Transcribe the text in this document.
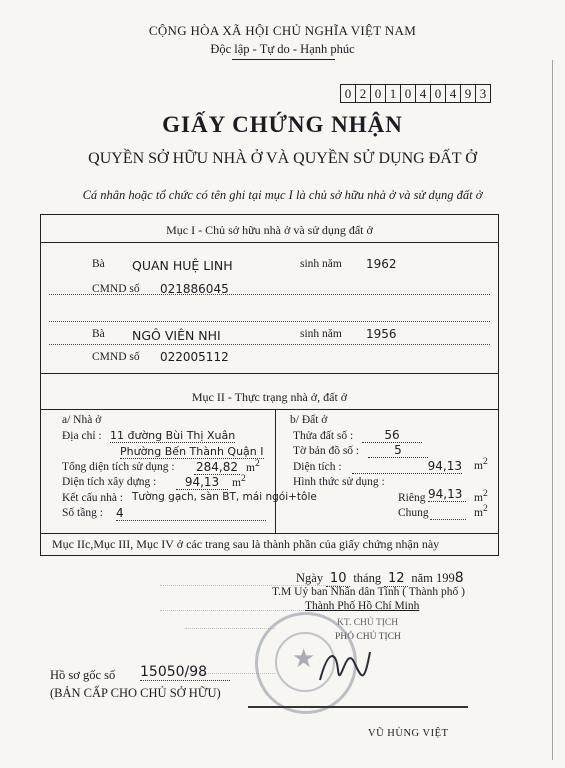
CỘNG HÒA XÃ HỘI CHỦ NGHĨA VIỆT NAM
Độc lập - Tự do - Hạnh phúc
0 2 0 1 0 4 0 4 9 3
GIẤY CHỨNG NHẬN
QUYỀN SỞ HỮU NHÀ Ở VÀ QUYỀN SỬ DỤNG ĐẤT Ở
Cá nhân hoặc tổ chức có tên ghi tại mục I là chủ sở hữu nhà ở và sử dụng đất ở
Mục I - Chủ sở hữu nhà ở và sử dụng đất ở
Bà QUAN HUỆ LINH	sinh năm 1962
CMND số 021886045
Bà NGÔ VIÊN NHI	sinh năm 1956
CMND số 022005112
Mục II - Thực trạng nhà ở, đất ở
a/ Nhà ở
Địa chỉ : 11 đường Bùi Thị Xuân
Phường Bến Thành Quận I
Tổng diện tích sử dụng : 284,82 $m^2$
Diện tích xây dựng :	94,13	$m^2$
Kết cấu nhà : Tường gạch, sàn BT, mái ngói+tôle
Số tầng : 4
b/ Đất ở
Thửa đất số :	56
Tờ bản đồ số :	5
Diện tích :	94,13 $m^2$
Hình thức sử dụng :
Riêng 94,13	$m^2$
Chung	$m^2$
Mục IIc,Mục III, Mục IV ở các trang sau là thành phần của giấy chứng nhận này
Ngày 10 tháng 12 năm 1998
T.M Uỷ ban Nhân dân Tỉnh ( Thành phố )
Thành Phố Hồ Chí Minh
KT. CHỦ TỊCH
PHÓ CHỦ TỊCH
★
Hồ sơ gốc số 15050/98
(BẢN CẤP CHO CHỦ SỞ HỮU)
VŨ HÙNG VIỆT
